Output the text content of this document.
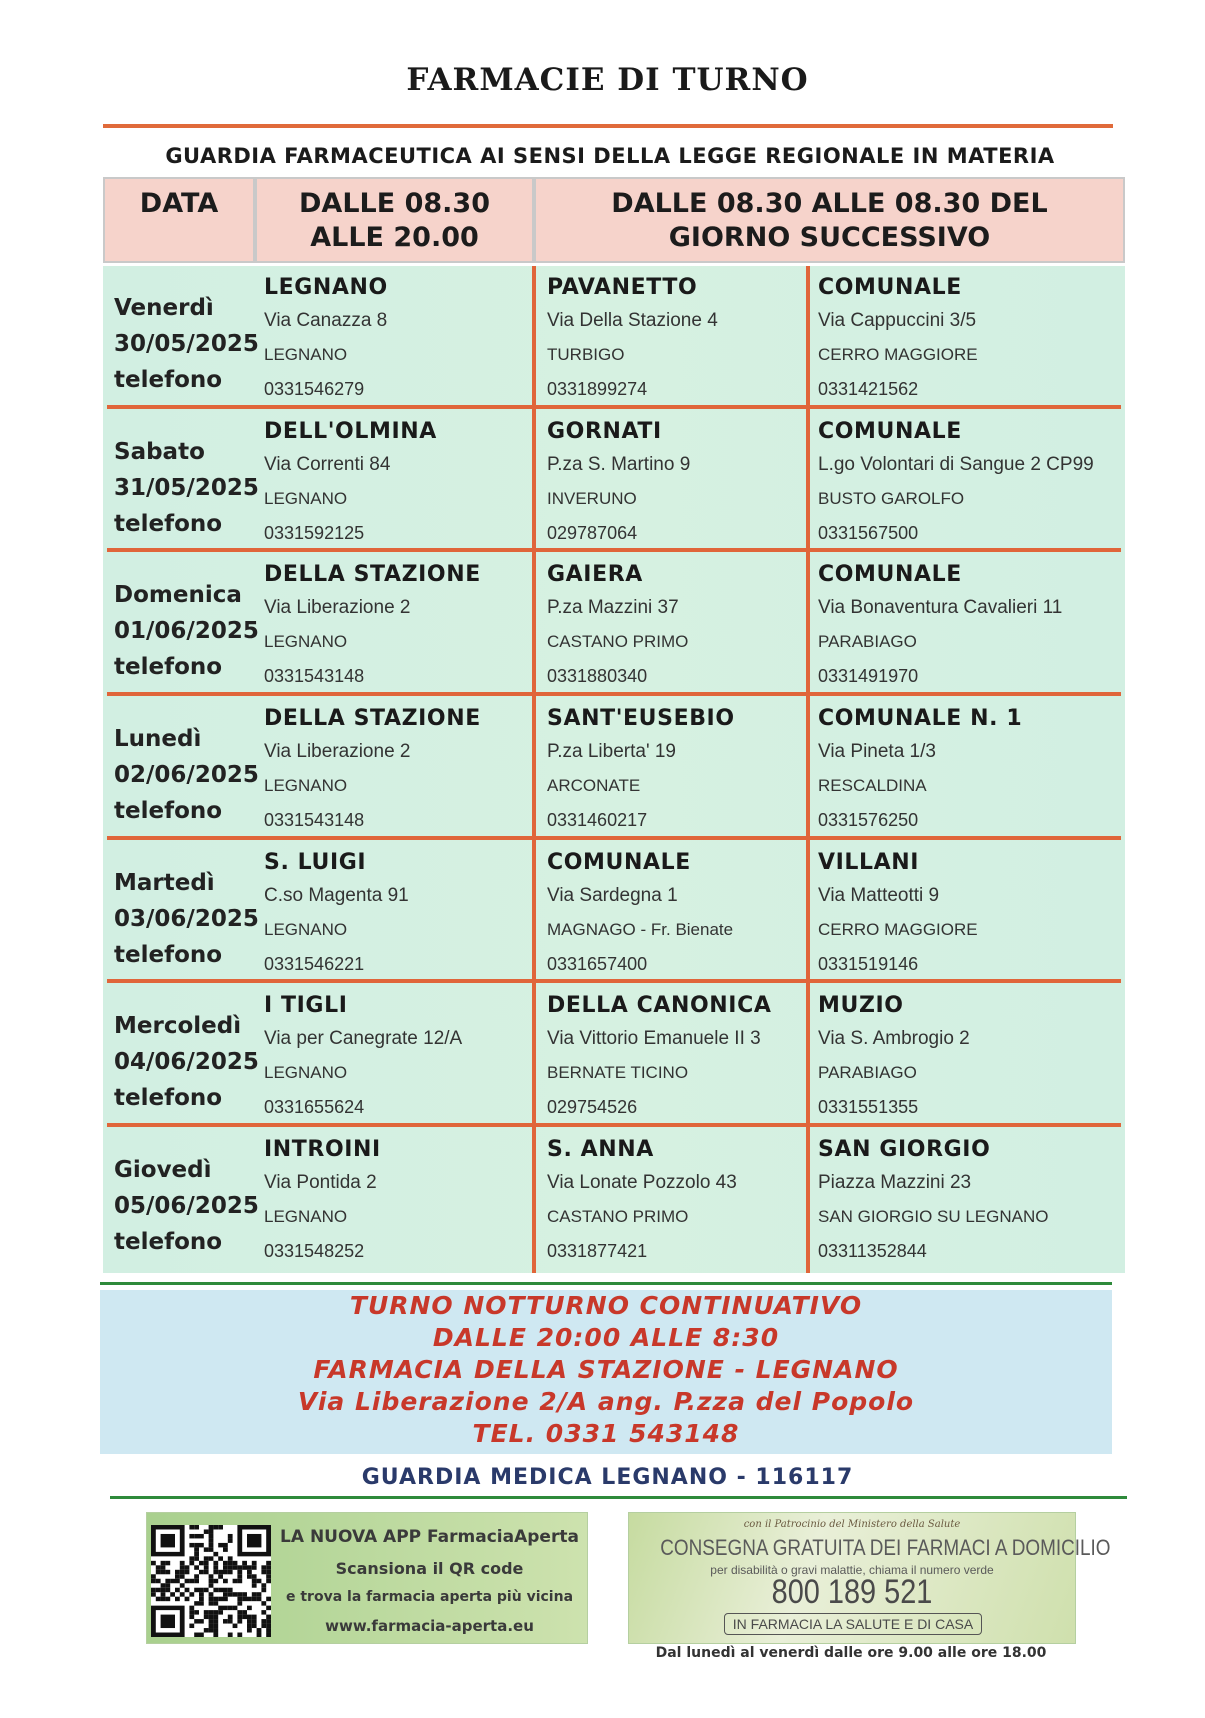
FARMACIE DI TURNO
GUARDIA FARMACEUTICA AI SENSI DELLA LEGGE REGIONALE IN MATERIA
DATA	DALLE 08.30
ALLE 20.00
DALLE 08.30 ALLE 08.30 DEL
GIORNO SUCCESSIVO
Venerdì
30/05/2025
telefono
LEGNANO
Via Canazza 8
LEGNANO
0331546279
PAVANETTO
Via Della Stazione 4
TURBIGO
0331899274
COMUNALE
Via Cappuccini 3/5
CERRO MAGGIORE
0331421562
Sabato
31/05/2025
telefono
DELL'OLMINA
Via Correnti 84
LEGNANO
0331592125
GORNATI
P.za S. Martino 9
INVERUNO
029787064
COMUNALE
L.go Volontari di Sangue 2 CP99
BUSTO GAROLFO
0331567500
Domenica
01/06/2025
telefono
DELLA STAZIONE
Via Liberazione 2
LEGNANO
0331543148
GAIERA
P.za Mazzini 37
CASTANO PRIMO
0331880340
COMUNALE
Via Bonaventura Cavalieri 11
PARABIAGO
0331491970
Lunedì
02/06/2025
telefono
DELLA STAZIONE
Via Liberazione 2
LEGNANO
0331543148
SANT'EUSEBIO
P.za Liberta' 19
ARCONATE
0331460217
COMUNALE N. 1
Via Pineta 1/3
RESCALDINA
0331576250
Martedì
03/06/2025
telefono
S. LUIGI
C.so Magenta 91
LEGNANO
0331546221
COMUNALE
Via Sardegna 1
MAGNAGO - Fr. Bienate
0331657400
VILLANI
Via Matteotti 9
CERRO MAGGIORE
0331519146
Mercoledì
04/06/2025
telefono
I TIGLI
Via per Canegrate 12/A
LEGNANO
0331655624
DELLA CANONICA
Via Vittorio Emanuele II 3
BERNATE TICINO
029754526
MUZIO
Via S. Ambrogio 2
PARABIAGO
0331551355
Giovedì
05/06/2025
telefono
INTROINI
Via Pontida 2
LEGNANO
0331548252
S. ANNA
Via Lonate Pozzolo 43
CASTANO PRIMO
0331877421
SAN GIORGIO
Piazza Mazzini 23
SAN GIORGIO SU LEGNANO
03311352844
TURNO NOTTURNO CONTINUATIVO
DALLE 20:00 ALLE 8:30
FARMACIA DELLA STAZIONE - LEGNANO
Via Liberazione 2/A ang. P.zza del Popolo
TEL. 0331 543148
GUARDIA MEDICA LEGNANO - 116117
LA NUOVA APP FarmaciaAperta
Scansiona il QR code
e trova la farmacia aperta più vicina
www.farmacia-aperta.eu
con il Patrocinio del Ministero della Salute
CONSEGNA GRATUITA DEI FARMACI A DOMICILIO
per disabilità o gravi malattie, chiama il numero verde
800 189 521
IN FARMACIA LA SALUTE E DI CASA
Dal lunedì al venerdì dalle ore 9.00 alle ore 18.00
